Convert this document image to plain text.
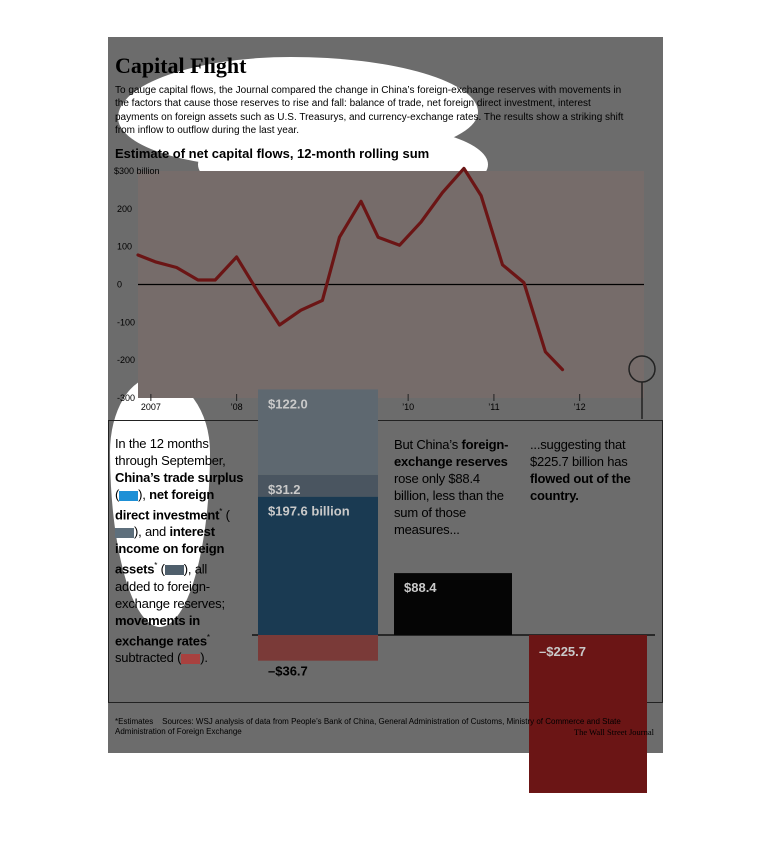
Capital Flight
To gauge capital flows, the Journal compared the change in China’s foreign-exchange reserves with movements in the factors that cause those reserves to rise and fall: balance of trade, net foreign direct investment, interest payments on foreign assets such as U.S. Treasurys, and currency-exchange rates. The results show a striking shift from inflow to outflow during the last year.
Estimate of net capital flows, 12-month rolling sum
200
100
0
-100
-200
-300
2007	’08	’10	’11	’12
$300 billion
In the 12 months through September, China’s trade surplus ( ), net foreign direct investment* (), and interest income on foreign assets* ( ), all added to foreign-exchange reserves; movements in exchange rates* subtracted ( ).
But China’s foreign-exchange reserves rose only $88.4 billion, less than the sum of those measures...
...suggesting that $225.7 billion has flowed out of the country.
$197.6 billion
$31.2
$122.0
–$36.7
$88.4
–$225.7
*Estimates Sources: WSJ analysis of data from People’s Bank of China, General Administration of Customs, Ministry of Commerce and State Administration of Foreign Exchange	The Wall Street Journal
